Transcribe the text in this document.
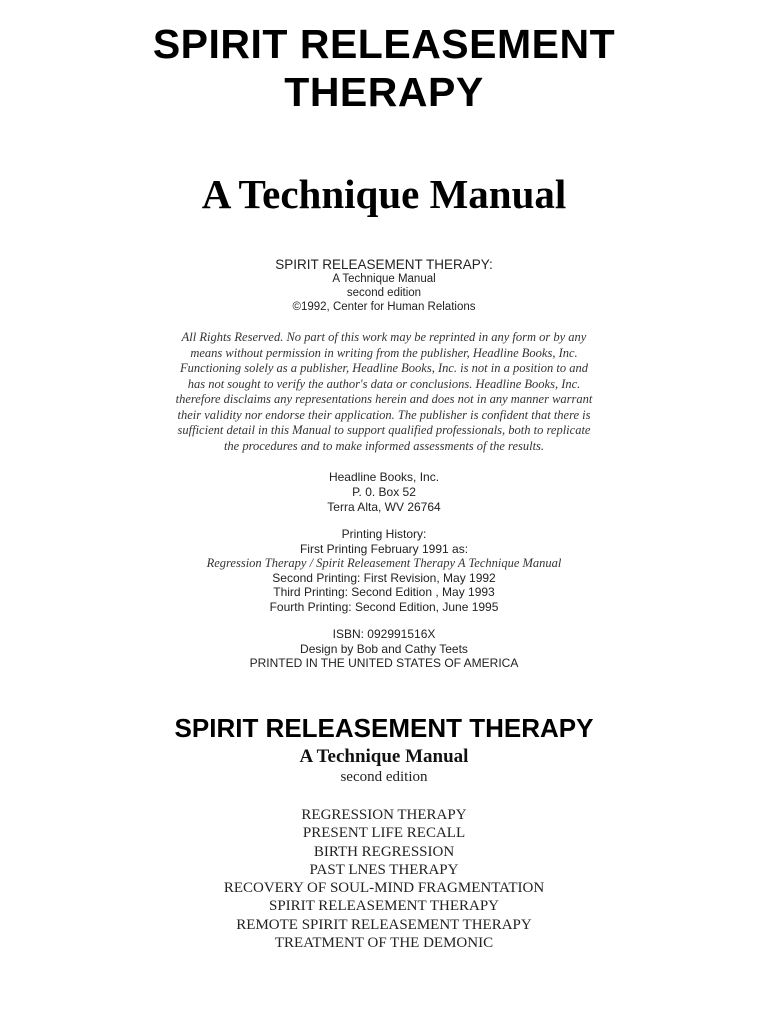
SPIRIT RELEASEMENT
THERAPY
A Technique Manual
SPIRIT RELEASEMENT THERAPY:
A Technique Manual
second edition
©1992, Center for Human Relations
All Rights Reserved. No part of this work may be reprinted in any form or by any
means without permission in writing from the publisher, Headline Books, Inc.
Functioning solely as a publisher, Headline Books, Inc. is not in a position to and
has not sought to verify the author's data or conclusions. Headline Books, Inc.
therefore disclaims any representations herein and does not in any manner warrant
their validity nor endorse their application. The publisher is confident that there is
sufficient detail in this Manual to support qualified professionals, both to replicate
the procedures and to make informed assessments of the results.
Headline Books, Inc.
P. 0. Box 52
Terra Alta, WV 26764
Printing History:
First Printing February 1991 as:
Regression Therapy / Spirit Releasement Therapy A Technique Manual
Second Printing: First Revision, May 1992
Third Printing: Second Edition , May 1993
Fourth Printing: Second Edition, June 1995
ISBN: 092991516X
Design by Bob and Cathy Teets
PRINTED IN THE UNITED STATES OF AMERICA
SPIRIT RELEASEMENT THERAPY
A Technique Manual
second edition
REGRESSION THERAPY
PRESENT LIFE RECALL
BIRTH REGRESSION
PAST LNES THERAPY
RECOVERY OF SOUL-MIND FRAGMENTATION
SPIRIT RELEASEMENT THERAPY
REMOTE SPIRIT RELEASEMENT THERAPY
TREATMENT OF THE DEMONIC
